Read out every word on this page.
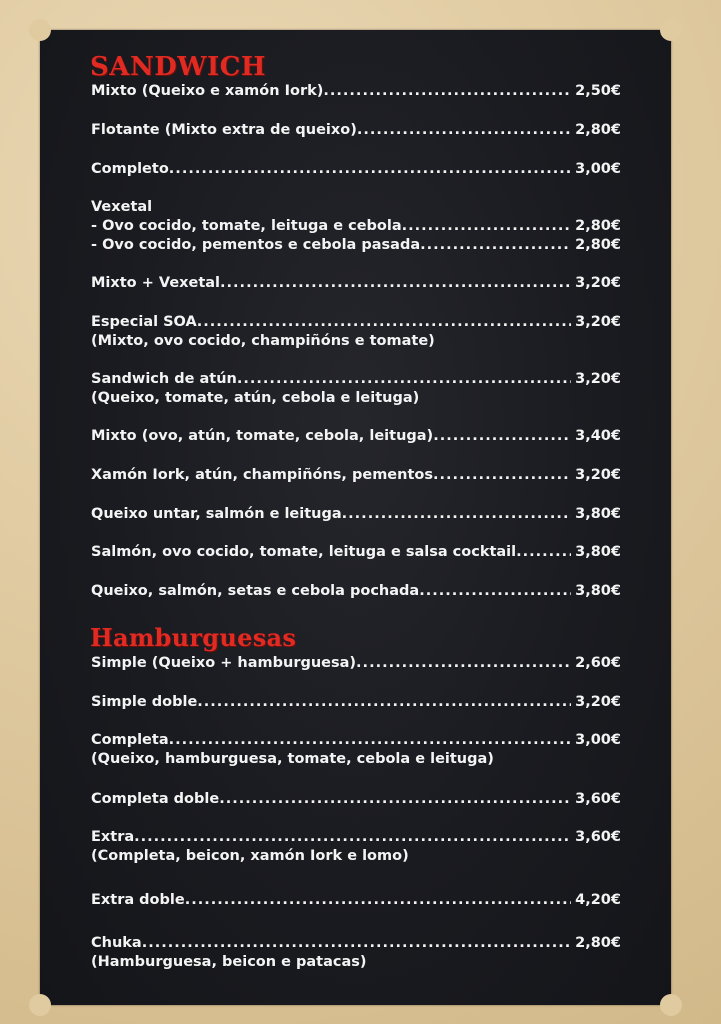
SANDWICH
Mixto (Queixo e xamón Iork) .....	2,50€
Flotante (Mixto extra de queixo) .....	2,80€
Completo .....	3,00€
Vexetal
- Ovo cocido, tomate, leituga e cebola .....	2,80€
- Ovo cocido, pementos e cebola pasada .....	2,80€
Mixto + Vexetal .....	3,20€
Especial SOA .....	3,20€
(Mixto, ovo cocido, champiñóns e tomate)
Sandwich de atún .....	3,20€
(Queixo, tomate, atún, cebola e leituga)
Mixto (ovo, atún, tomate, cebola, leituga) .....	3,40€
Xamón Iork, atún, champiñóns, pementos .....	3,20€
Queixo untar, salmón e leituga .....	3,80€
Salmón, ovo cocido, tomate, leituga e salsa cocktail .....	3,80€
Queixo, salmón, setas e cebola pochada .....	3,80€
Hamburguesas
Simple (Queixo + hamburguesa) .....	2,60€
Simple doble .....	3,20€
Completa .....	3,00€
(Queixo, hamburguesa, tomate, cebola e leituga)
Completa doble .....	3,60€
Extra .....	3,60€
(Completa, beicon, xamón Iork e lomo)
Extra doble .....	4,20€
Chuka .....	2,80€
(Hamburguesa, beicon e patacas)
